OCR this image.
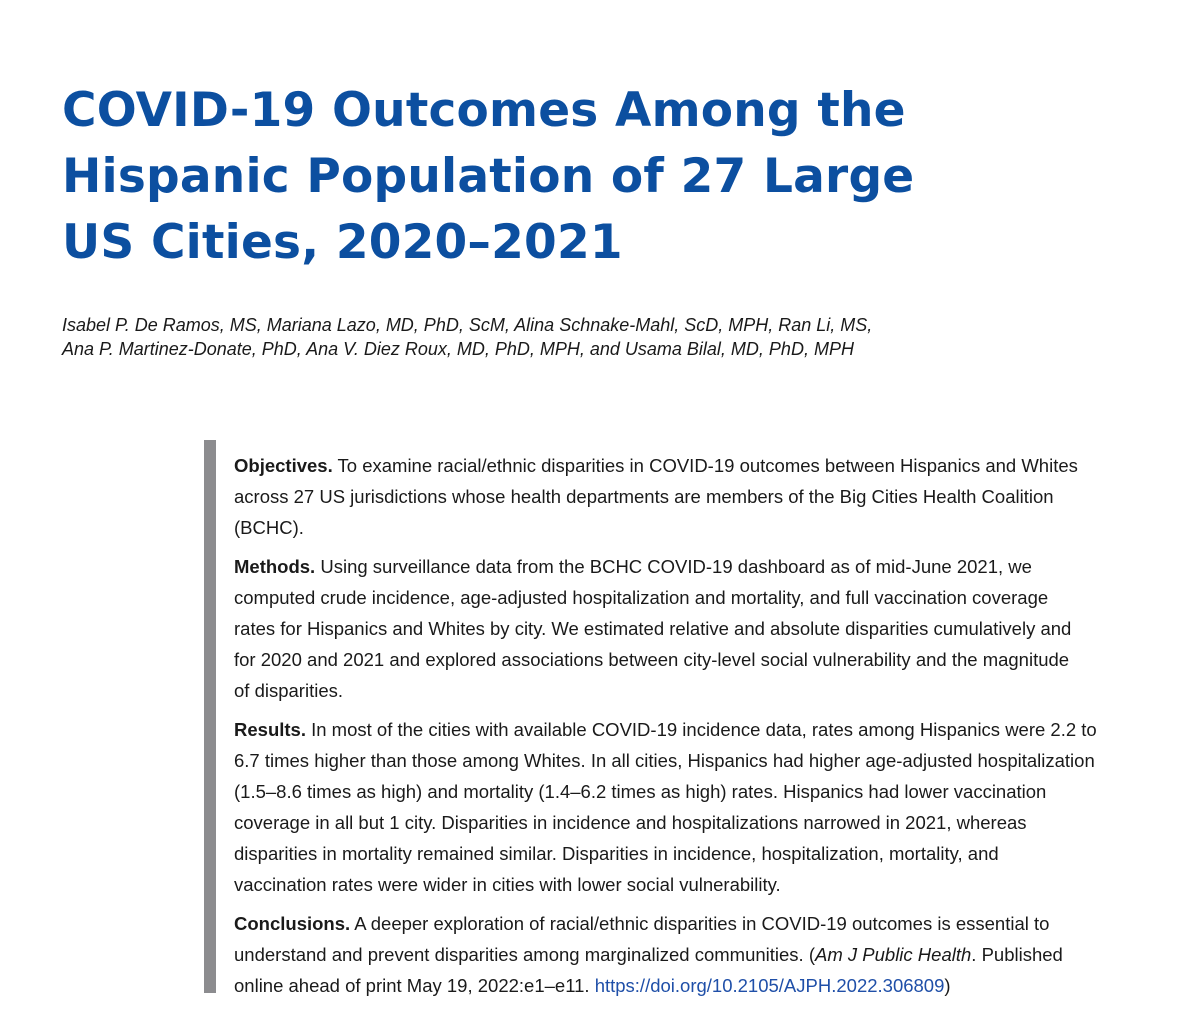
COVID-19 Outcomes Among the
Hispanic Population of 27 Large
US Cities, 2020–2021

Isabel P. De Ramos, MS, Mariana Lazo, MD, PhD, ScM, Alina Schnake-Mahl, ScD, MPH, Ran Li, MS,
Ana P. Martinez-Donate, PhD, Ana V. Diez Roux, MD, PhD, MPH, and Usama Bilal, MD, PhD, MPH

Objectives. To examine racial/ethnic disparities in COVID-19 outcomes between Hispanics and Whites
across 27 US jurisdictions whose health departments are members of the Big Cities Health Coalition
(BCHC).

Methods. Using surveillance data from the BCHC COVID-19 dashboard as of mid-June 2021, we
computed crude incidence, age-adjusted hospitalization and mortality, and full vaccination coverage
rates for Hispanics and Whites by city. We estimated relative and absolute disparities cumulatively and
for 2020 and 2021 and explored associations between city-level social vulnerability and the magnitude
of disparities.

Results. In most of the cities with available COVID-19 incidence data, rates among Hispanics were 2.2 to
6.7 times higher than those among Whites. In all cities, Hispanics had higher age-adjusted hospitalization
(1.5–8.6 times as high) and mortality (1.4–6.2 times as high) rates. Hispanics had lower vaccination
coverage in all but 1 city. Disparities in incidence and hospitalizations narrowed in 2021, whereas
disparities in mortality remained similar. Disparities in incidence, hospitalization, mortality, and
vaccination rates were wider in cities with lower social vulnerability.

Conclusions. A deeper exploration of racial/ethnic disparities in COVID-19 outcomes is essential to
understand and prevent disparities among marginalized communities. (Am J Public Health. Published
online ahead of print May 19, 2022:e1–e11. https://doi.org/10.2105/AJPH.2022.306809)
